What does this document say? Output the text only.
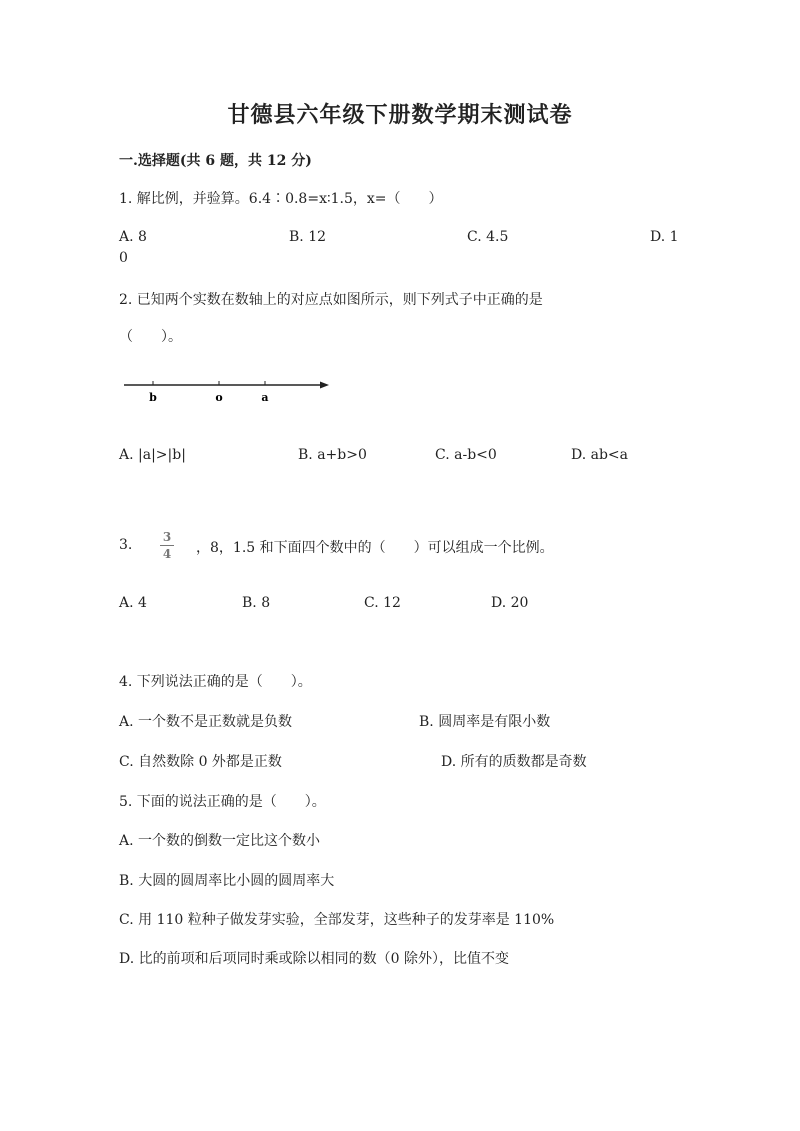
甘德县六年级下册数学期末测试卷
一.选择题(共 6 题，共 12 分)
1. 解比例，并验算。6.4∶0.8=x∶1.5，x=（　　）
A. 8	B. 12	C. 4.5	D. 1
0
2. 已知两个实数在数轴上的对应点如图所示，则下列式子中正确的是
（　　）。
b	o	a
A. |a|>|b|	B. a+b>0	C. a-b<0	D. ab<a
3.	3
4 ，8，1.5 和下面四个数中的（　　）可以组成一个比例。
A. 4	B. 8	C. 12	D. 20
4. 下列说法正确的是（　　）。
A. 一个数不是正数就是负数	B. 圆周率是有限小数
C. 自然数除 0 外都是正数	D. 所有的质数都是奇数
5. 下面的说法正确的是（　　）。
A. 一个数的倒数一定比这个数小
B. 大圆的圆周率比小圆的圆周率大
C. 用 110 粒种子做发芽实验，全部发芽，这些种子的发芽率是 110%
D. 比的前项和后项同时乘或除以相同的数（0 除外），比值不变
